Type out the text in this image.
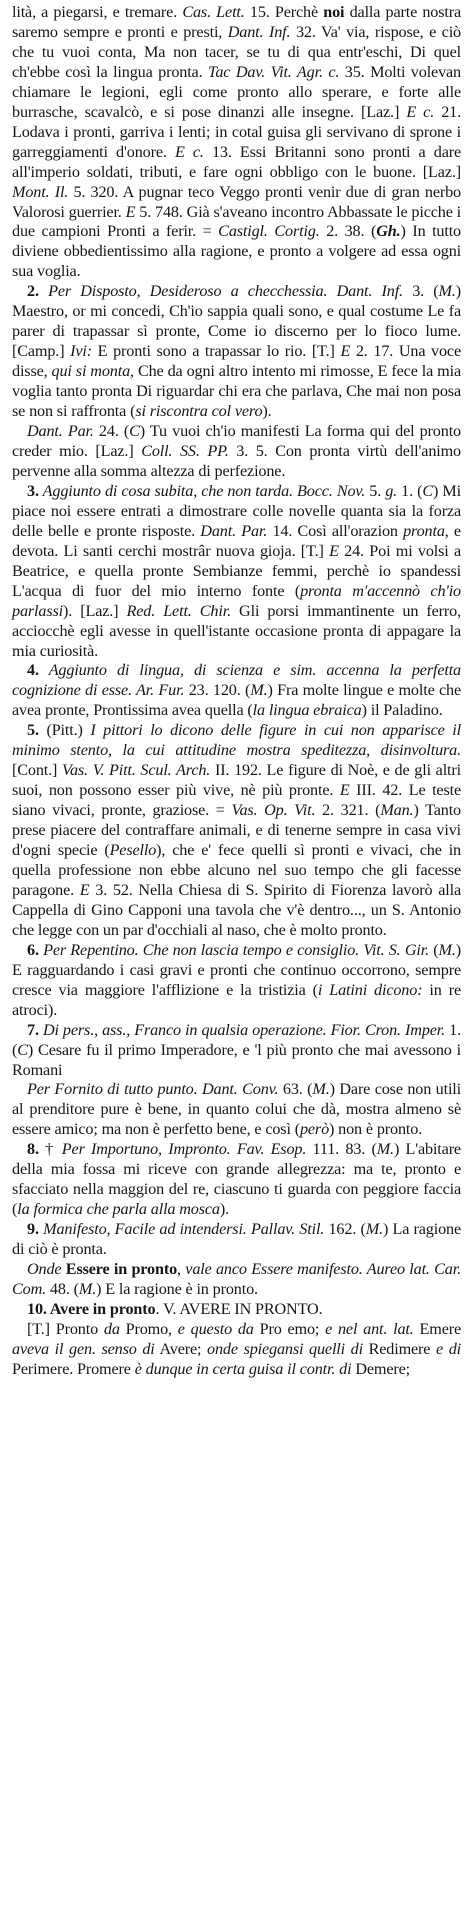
lità, a piegarsi, e tremare. Cas. Lett. 15. Perchè noi dalla parte nostra saremo sempre e pronti e presti, Dant. Inf. 32. Va' via, rispose, e ciò che tu vuoi conta, Ma non tacer, se tu di qua entr'eschi, Di quel ch'ebbe così la lingua pronta. Tac Dav. Vit. Agr. c. 35. Molti volevan chiamare le legioni, egli come pronto allo sperare, e forte alle burrasche, scavalcò, e si pose dinanzi alle insegne. [Laz.] E c. 21. Lodava i pronti, garriva i lenti; in cotal guisa gli servivano di sprone i garreggiamenti d'onore. E c. 13. Essi Britanni sono pronti a dare all'imperio soldati, tributi, e fare ogni obbligo con le buone. [Laz.] Mont. Il. 5. 320. A pugnar teco Veggo pronti venir due di gran nerbo Valorosi guerrier. E 5. 748. Già s'aveano incontro Abbassate le picche i due campioni Pronti a ferir. = Castigl. Cortig. 2. 38. (Gh.) In tutto diviene obbedientissimo alla ragione, e pronto a volgere ad essa ogni sua voglia.

2. Per Disposto, Desideroso a checchessia. Dant. Inf. 3. (M.) Maestro, or mi concedi, Ch'io sappia quali sono, e qual costume Le fa parer di trapassar sì pronte, Come io discerno per lo fioco lume. [Camp.] Ivi: E pronti sono a trapassar lo rio. [T.] E 2. 17. Una voce disse, qui si monta, Che da ogni altro intento mi rimosse, E fece la mia voglia tanto pronta Di riguardar chi era che parlava, Che mai non posa se non si raffronta (si riscontra col vero).

Dant. Par. 24. (C) Tu vuoi ch'io manifesti La forma qui del pronto creder mio. [Laz.] Coll. SS. PP. 3. 5. Con pronta virtù dell'animo pervenne alla somma altezza di perfezione.

3. Aggiunto di cosa subita, che non tarda. Bocc. Nov. 5. g. 1. (C) Mi piace noi essere entrati a dimostrare colle novelle quanta sia la forza delle belle e pronte risposte. Dant. Par. 14. Così all'orazion pronta, e devota. Li santi cerchi mostrâr nuova gioja. [T.] E 24. Poi mi volsi a Beatrice, e quella pronte Sembianze femmi, perchè io spandessi L'acqua di fuor del mio interno fonte (pronta m'accennò ch'io parlassi). [Laz.] Red. Lett. Chir. Gli porsi immantinente un ferro, acciocchè egli avesse in quell'istante occasione pronta di appagare la mia curiosità.

4. Aggiunto di lingua, di scienza e sim. accenna la perfetta cognizione di esse. Ar. Fur. 23. 120. (M.) Fra molte lingue e molte che avea pronte, Prontissima avea quella (la lingua ebraica) il Paladino.

5. (Pitt.) I pittori lo dicono delle figure in cui non apparisce il minimo stento, la cui attitudine mostra speditezza, disinvoltura. [Cont.] Vas. V. Pitt. Scul. Arch. II. 192. Le figure di Noè, e de gli altri suoi, non possono esser più vive, nè più pronte. E III. 42. Le teste siano vivaci, pronte, graziose. = Vas. Op. Vit. 2. 321. (Man.) Tanto prese piacere del contraffare animali, e di tenerne sempre in casa vivi d'ogni specie (Pesello), che e' fece quelli sì pronti e vivaci, che in quella professione non ebbe alcuno nel suo tempo che gli facesse paragone. E 3. 52. Nella Chiesa di S. Spirito di Fiorenza lavorò alla Cappella di Gino Capponi una tavola che v'è dentro..., un S. Antonio che legge con un par d'occhiali al naso, che è molto pronto.

6. Per Repentino. Che non lascia tempo e consiglio. Vit. S. Gir. (M.) E ragguardando i casi gravi e pronti che continuo occorrono, sempre cresce via maggiore l'afflizione e la tristizia (i Latini dicono: in re atroci).

7. Di pers., ass., Franco in qualsia operazione. Fior. Cron. Imper. 1. (C) Cesare fu il primo Imperadore, e 'l più pronto che mai avessono i Romani

Per Fornito di tutto punto. Dant. Conv. 63. (M.) Dare cose non utili al prenditore pure è bene, in quanto colui che dà, mostra almeno sè essere amico; ma non è perfetto bene, e così (però) non è pronto.

8. † Per Importuno, Impronto. Fav. Esop. 111. 83. (M.) L'abitare della mia fossa mi riceve con grande allegrezza: ma te, pronto e sfacciato nella maggion del re, ciascuno ti guarda con peggiore faccia (la formica che parla alla mosca).

9. Manifesto, Facile ad intendersi. Pallav. Stil. 162. (M.) La ragione di ciò è pronta.

Onde Essere in pronto, vale anco Essere manifesto. Aureo lat. Car. Com. 48. (M.) E la ragione è in pronto.

10. Avere in pronto. V. AVERE IN PRONTO.

[T.] Pronto da Promo, e questo da Pro emo; e nel ant. lat. Emere aveva il gen. senso di Avere; onde spiegansi quelli di Redimere e di Perimere. Promere è dunque in certa guisa il contr. di Demere;
